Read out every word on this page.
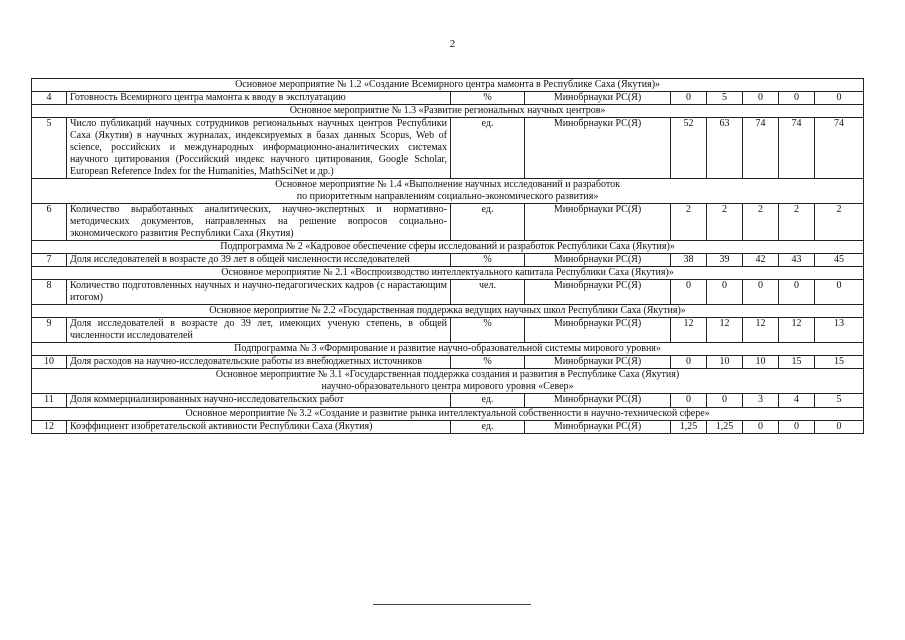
2
Основное мероприятие № 1.2 «Создание Всемирного центра мамонта в Республике Саха (Якутия)»								

4	Готовность Всемирного центра мамонта к вводу в эксплуатацию	%	Минобрнауки РС(Я)	0	5	0	0	0

Основное мероприятие № 1.3 «Развитие региональных научных центров»								

5	Число публикаций научных сотрудников региональных научных центров Республики Саха (Якутия) в научных журналах, индексируемых в базах данных Scopus, Web of science, российских и международных информационно-аналитических системах научного цитирования (Российский индекс научного цитирования, Google Scholar, European Reference Index for the Humanities, MathSciNet и др.)	ед.	Минобрнауки РС(Я)	52	63	74	74	74

Основное мероприятие № 1.4 «Выполнение научных исследований и разработок
по приоритетным направлениям социально-экономического развития»								

6	Количество выработанных аналитических, научно-экспертных и нормативно-методических документов, направленных на решение вопросов социально-экономического развития Республики Саха (Якутия)	ед.	Минобрнауки РС(Я)	2	2	2	2	2

Подпрограмма № 2 «Кадровое обеспечение сферы исследований и разработок Республики Саха (Якутия)»								

7	Доля исследователей в возрасте до 39 лет в общей численности исследователей	%	Минобрнауки РС(Я)	38	39	42	43	45

Основное мероприятие № 2.1 «Воспроизводство интеллектуального капитала Республики Саха (Якутия)»								

8	Количество подготовленных научных и научно-педагогических кадров (с нарастающим итогом)	чел.	Минобрнауки РС(Я)	0	0	0	0	0

Основное мероприятие № 2.2 «Государственная поддержка ведущих научных школ Республики Саха (Якутия)»								

9	Доля исследователей в возрасте до 39 лет, имеющих ученую степень, в общей численности исследователей	%	Минобрнауки РС(Я)	12	12	12	12	13

Подпрограмма № 3 «Формирование и развитие научно-образовательной системы мирового уровня»								

10	Доля расходов на научно-исследовательские работы из внебюджетных источников	%	Минобрнауки РС(Я)	0	10	10	15	15

Основное мероприятие № 3.1 «Государственная поддержка создания и развития в Республике Саха (Якутия)
научно-образовательного центра мирового уровня «Север»								

11	Доля коммерциализированных научно-исследовательских работ	ед.	Минобрнауки РС(Я)	0	0	3	4	5

Основное мероприятие № 3.2 «Создание и развитие рынка интеллектуальной собственности в научно-технической сфере»								

12	Коэффициент изобретательской активности Республики Саха (Якутия)	ед.	Минобрнауки РС(Я)	1,25	1,25	0	0	0
